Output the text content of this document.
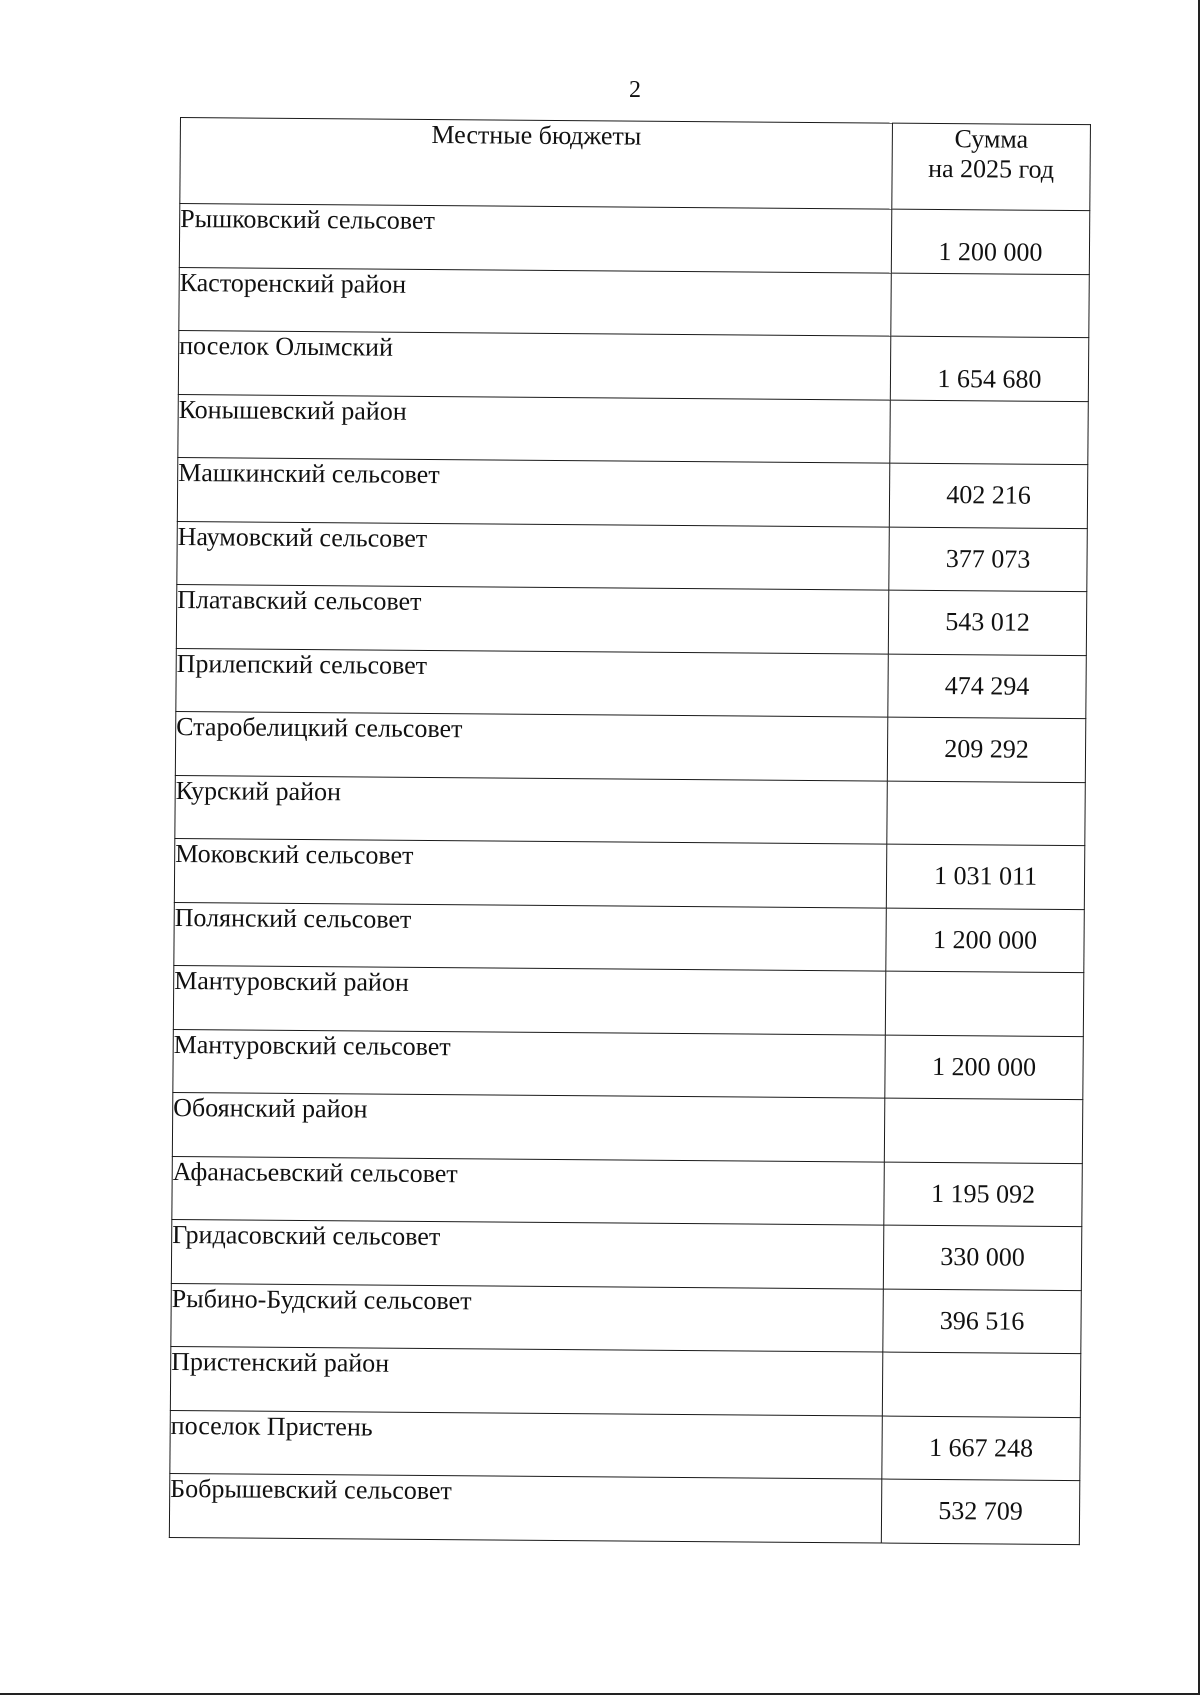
2
Местные бюджеты	Сумма
на 2025 год
Рышковский сельсовет	1 200 000
Касторенский район	
поселок Олымский	1 654 680
Конышевский район	
Машкинский сельсовет	402 216
Наумовский сельсовет	377 073
Платавский сельсовет	543 012
Прилепский сельсовет	474 294
Старобелицкий сельсовет	209 292
Курский район	
Моковский сельсовет	1 031 011
Полянский сельсовет	1 200 000
Мантуровский район	
Мантуровский сельсовет	1 200 000
Обоянский район	
Афанасьевский сельсовет	1 195 092
Гридасовский сельсовет	330 000
Рыбино-Будский сельсовет	396 516
Пристенский район	
поселок Пристень	1 667 248
Бобрышевский сельсовет	532 709
